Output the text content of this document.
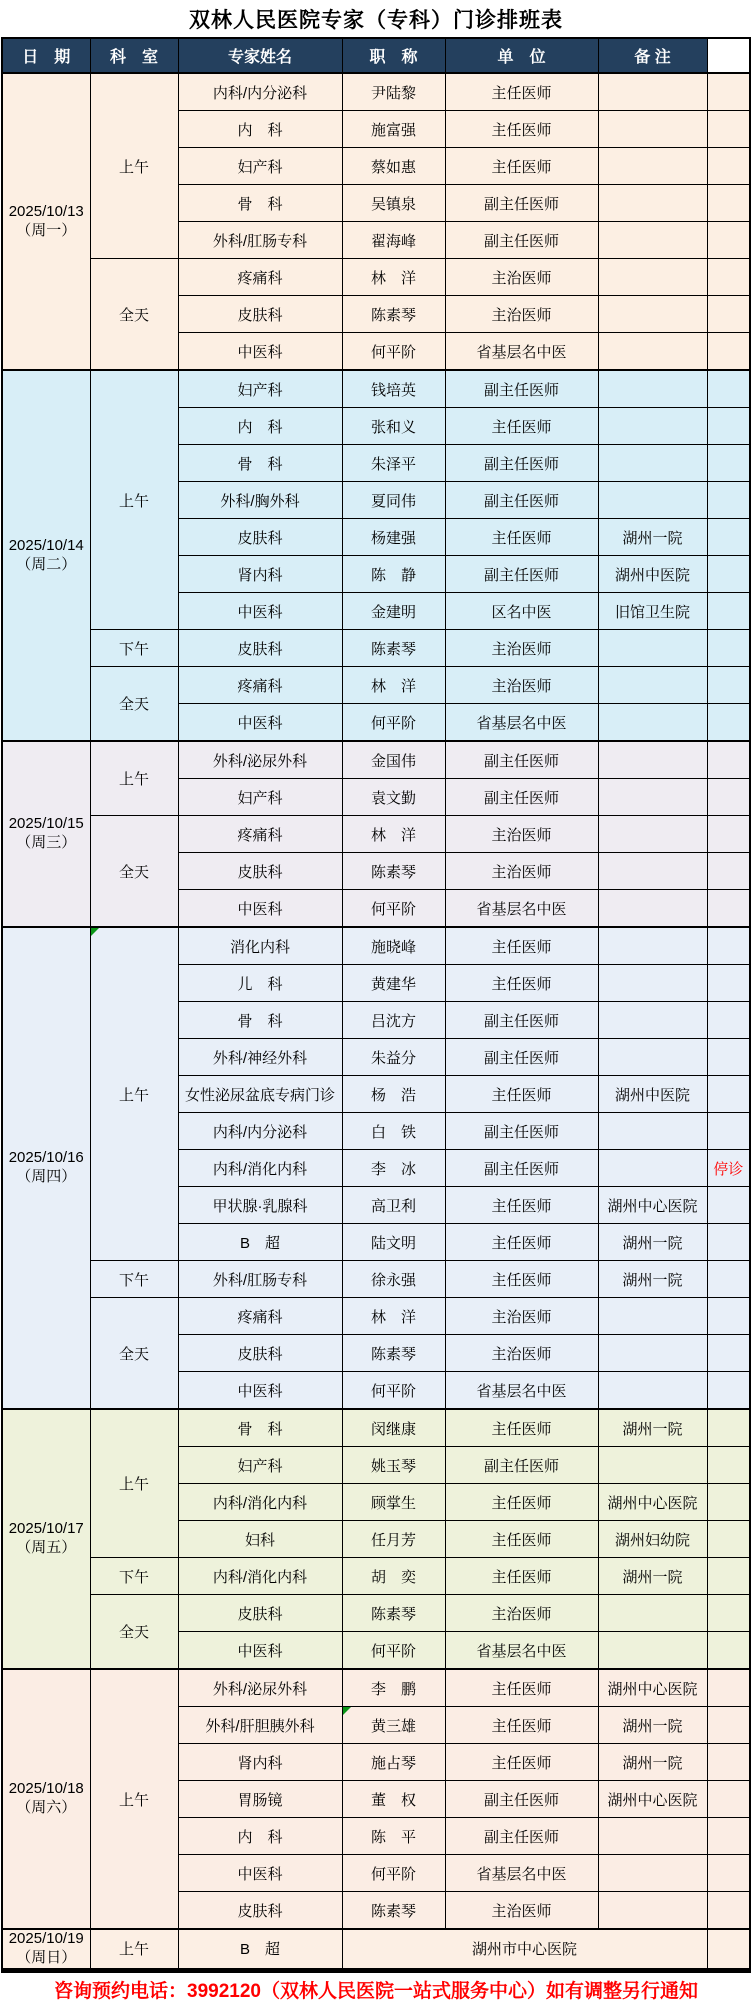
双林人民医院专家（专科）门诊排班表
日　期	科　室	专家姓名	职　称	单　位	备 注	

2025/10/13
（周一）	上午	内科/内分泌科	尹陆黎	主任医师		
		内　科	施富强	主任医师		
		妇产科	蔡如惠	主任医师		
		骨　科	吴镇泉	副主任医师		
		外科/肛肠专科	翟海峰	副主任医师		
	全天	疼痛科	林　洋	主治医师		
		皮肤科	陈素琴	主治医师		
		中医科	何平阶	省基层名中医		

2025/10/14
（周二）	上午	妇产科	钱培英	副主任医师		
		内　科	张和义	主任医师		
		骨　科	朱泽平	副主任医师		
		外科/胸外科	夏同伟	副主任医师		
		皮肤科	杨建强	主任医师	湖州一院	
		肾内科	陈　静	副主任医师	湖州中医院	
		中医科	金建明	区名中医	旧馆卫生院	
	下午	皮肤科	陈素琴	主治医师		
	全天	疼痛科	林　洋	主治医师		
		中医科	何平阶	省基层名中医		

2025/10/15
（周三）	上午	外科/泌尿外科	金国伟	副主任医师		
		妇产科	袁文勤	副主任医师		
	全天	疼痛科	林　洋	主治医师		
		皮肤科	陈素琴	主治医师		
		中医科	何平阶	省基层名中医		

2025/10/16
（周四）	上午	消化内科	施晓峰	主任医师		
		儿　科	黄建华	主任医师		
		骨　科	吕沈方	副主任医师		
		外科/神经外科	朱益分	副主任医师		
		女性泌尿盆底专病门诊	杨　浩	主任医师	湖州中医院	
		内科/内分泌科	白　铁	副主任医师		
		内科/消化内科	李　冰	副主任医师		停诊
		甲状腺·乳腺科	高卫利	主任医师	湖州中心医院	
		B　超	陆文明	主任医师	湖州一院	
	下午	外科/肛肠专科	徐永强	主任医师	湖州一院	
	全天	疼痛科	林　洋	主治医师		
		皮肤科	陈素琴	主治医师		
		中医科	何平阶	省基层名中医		

2025/10/17
（周五）	上午	骨　科	闵继康	主任医师	湖州一院	
		妇产科	姚玉琴	副主任医师		
		内科/消化内科	顾掌生	主任医师	湖州中心医院	
		妇科	任月芳	主任医师	湖州妇幼院	
	下午	内科/消化内科	胡　奕	主任医师	湖州一院	
	全天	皮肤科	陈素琴	主治医师		
		中医科	何平阶	省基层名中医		

2025/10/18
（周六）	上午	外科/泌尿外科	李　鹏	主任医师	湖州中心医院	
		外科/肝胆胰外科	黄三雄	主任医师	湖州一院	
		肾内科	施占琴	主任医师	湖州一院	
		胃肠镜	董　权	副主任医师	湖州中心医院	
		内　科	陈　平	副主任医师		
		中医科	何平阶	省基层名中医		
		皮肤科	陈素琴	主治医师		

2025/10/19
（周日）	上午	B　超	湖州市中心医院			
咨询预约电话：3992120（双林人民医院一站式服务中心）如有调整另行通知
